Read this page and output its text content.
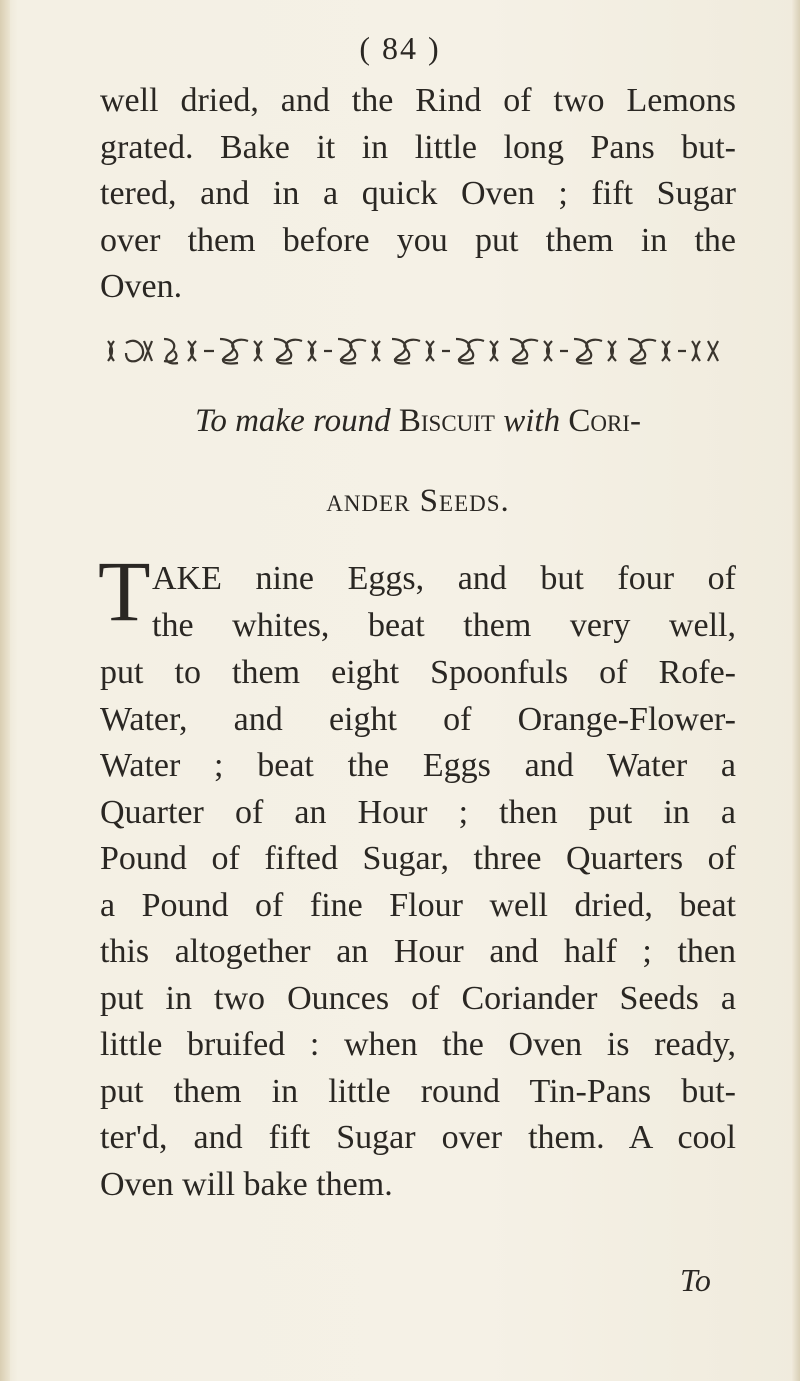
( 84 )
well dried, and the Rind of two Lemons
grated. Bake it in little long Pans but-
tered, and in a quick Oven ; fift Sugar
over them before you put them in the
Oven.
To make round Biscuit with Cori-
ander Seeds.
T AKE nine Eggs, and but four of
the whites, beat them very well,
put to them eight Spoonfuls of Rofe-
Water, and eight of Orange-Flower-
Water ; beat the Eggs and Water a
Quarter of an Hour ; then put in a
Pound of fifted Sugar, three Quarters of
a Pound of fine Flour well dried, beat
this altogether an Hour and half ; then
put in two Ounces of Coriander Seeds a
little bruifed : when the Oven is ready,
put them in little round Tin-Pans but-
ter'd, and fift Sugar over them. A cool
Oven will bake them.
To
